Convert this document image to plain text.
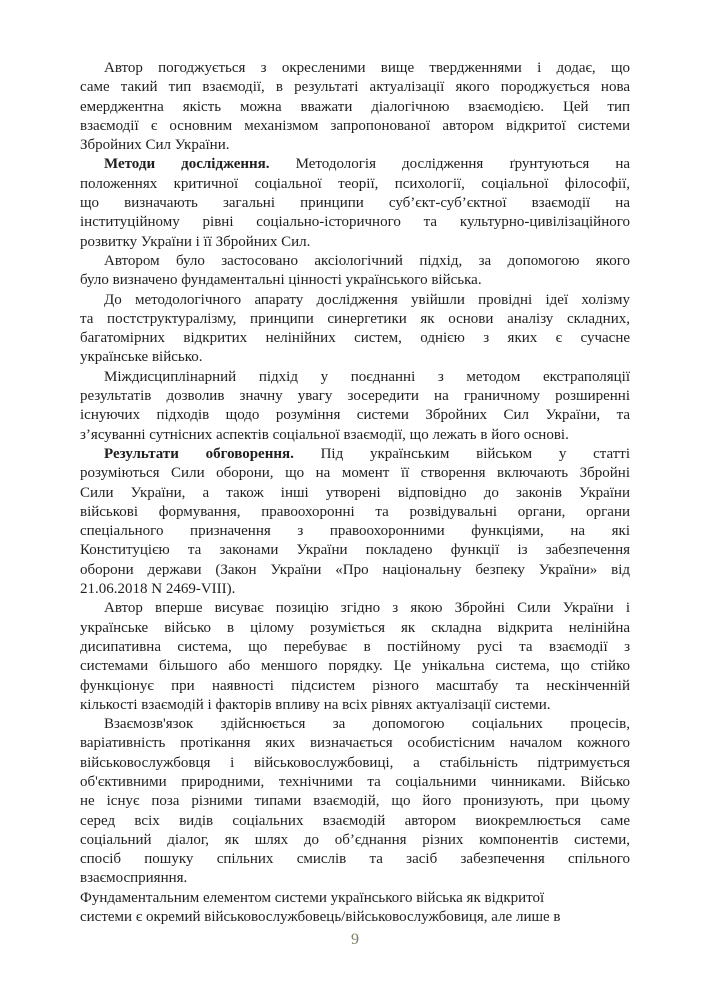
Автор погоджується з окресленими вище твердженнями і додає, що
саме такий тип взаємодії, в результаті актуалізації якого породжується нова
емерджентна якість можна вважати діалогічною взаємодією. Цей тип
взаємодії є основним механізмом запропонованої автором відкритої системи
Збройних Сил України.
Методи дослідження. Методологія дослідження ґрунтуються на
положеннях критичної соціальної теорії, психології, соціальної філософії,
що визначають загальні принципи суб’єкт-суб’єктної взаємодії на
інституційному рівні соціально-історичного та культурно-цивілізаційного
розвитку України і її Збройних Сил.
Автором було застосовано аксіологічний підхід, за допомогою якого
було визначено фундаментальні цінності українського війська.
До методологічного апарату дослідження увійшли провідні ідеї холізму
та постструктуралізму, принципи синергетики як основи аналізу складних,
багатомірних відкритих нелінійних систем, однією з яких є сучасне
українське військо.
Міждисциплінарний підхід у поєднанні з методом екстраполяції
результатів дозволив значну увагу зосередити на граничному розширенні
існуючих підходів щодо розуміння системи Збройних Сил України, та
з’ясуванні сутнісних аспектів соціальної взаємодії, що лежать в його основі.
Результати обговорення. Під українським військом у статті
розуміються Сили оборони, що на момент її створення включають Збройні
Сили України, а також інші утворені відповідно до законів України
військові формування, правоохоронні та розвідувальні органи, органи
спеціального призначення з правоохоронними функціями, на які
Конституцією та законами України покладено функції із забезпечення
оборони держави (Закон України «Про національну безпеку України» від
21.06.2018 N 2469-VIII).
Автор вперше висуває позицію згідно з якою Збройні Сили України і
українське військо в цілому розуміється як складна відкрита нелінійна
дисипативна система, що перебуває в постійному русі та взаємодії з
системами більшого або меншого порядку. Це унікальна система, що стійко
функціонує при наявності підсистем різного масштабу та нескінченній
кількості взаємодій і факторів впливу на всіх рівнях актуалізації системи.
Взаємозв'язок здійснюється за допомогою соціальних процесів,
варіативність протікання яких визначається особистісним началом кожного
військовослужбовця і військовослужбовиці, а стабільність підтримується
об'єктивними природними, технічними та соціальними чинниками. Військо
не існує поза різними типами взаємодій, що його пронизують, при цьому
серед всіх видів соціальних взаємодій автором виокремлюється саме
соціальний діалог, як шлях до об’єднання різних компонентів системи,
спосіб пошуку спільних смислів та засіб забезпечення спільного
взаємосприяння.
Фундаментальним елементом системи українського війська як відкритої
системи є окремий військовослужбовець/військовослужбовиця, але лише в
9
